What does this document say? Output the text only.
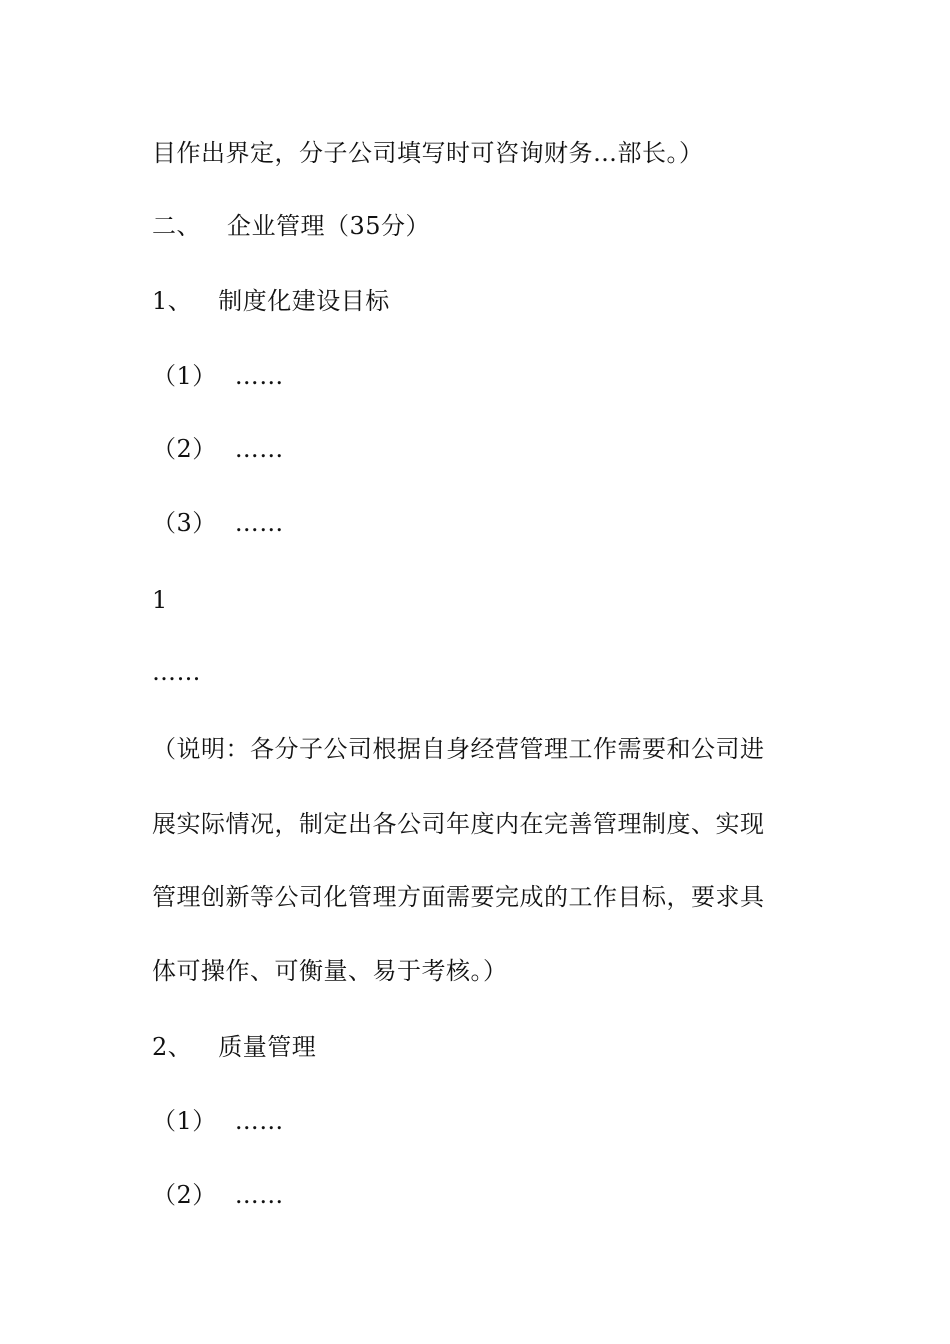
目作出界定，分子公司填写时可咨询财务…部长。）
二、 企业管理（35分）
1、 制度化建设目标
（1） ……
（2） ……
（3） ……
1
……
（说明：各分子公司根据自身经营管理工作需要和公司进
展实际情况，制定出各公司年度内在完善管理制度、实现
管理创新等公司化管理方面需要完成的工作目标，要求具
体可操作、可衡量、易于考核。）
2、 质量管理
（1） ……
（2） ……
